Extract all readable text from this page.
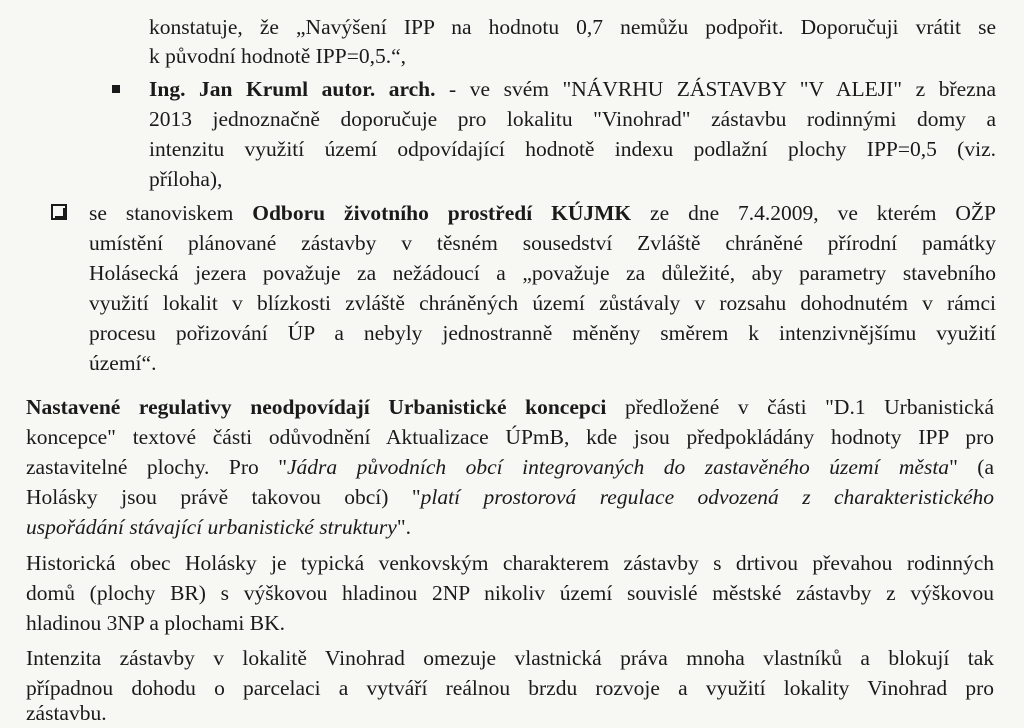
konstatuje, že „Navýšení IPP na hodnotu 0,7 nemůžu podpořit. Doporučuji vrátit se
k původní hodnotě IPP=0,5.“,
Ing. Jan Kruml autor. arch. - ve svém "NÁVRHU ZÁSTAVBY "V ALEJI" z března
2013 jednoznačně doporučuje pro lokalitu "Vinohrad" zástavbu rodinnými domy a
intenzitu využití území odpovídající hodnotě indexu podlažní plochy IPP=0,5 (viz.
příloha),
se stanoviskem Odboru životního prostředí KÚJMK ze dne 7.4.2009, ve kterém OŽP
umístění plánované zástavby v těsném sousedství Zvláště chráněné přírodní památky
Holásecká jezera považuje za nežádoucí a „považuje za důležité, aby parametry stavebního
využití lokalit v blízkosti zvláště chráněných území zůstávaly v rozsahu dohodnutém v rámci
procesu pořizování ÚP a nebyly jednostranně měněny směrem k intenzivnějšímu využití
území“.
Nastavené regulativy neodpovídají Urbanistické koncepci předložené v části "D.1 Urbanistická
koncepce" textové části odůvodnění Aktualizace ÚPmB, kde jsou předpokládány hodnoty IPP pro
zastavitelné plochy. Pro "Jádra původních obcí integrovaných do zastavěného území města" (a
Holásky jsou právě takovou obcí) "platí prostorová regulace odvozená z charakteristického
uspořádání stávající urbanistické struktury".
Historická obec Holásky je typická venkovským charakterem zástavby s drtivou převahou rodinných
domů (plochy BR) s výškovou hladinou 2NP nikoliv území souvislé městské zástavby z výškovou
hladinou 3NP a plochami BK.
Intenzita zástavby v lokalitě Vinohrad omezuje vlastnická práva mnoha vlastníků a blokují tak
případnou dohodu o parcelaci a vytváří reálnou brzdu rozvoje a využití lokality Vinohrad pro
zástavbu.
